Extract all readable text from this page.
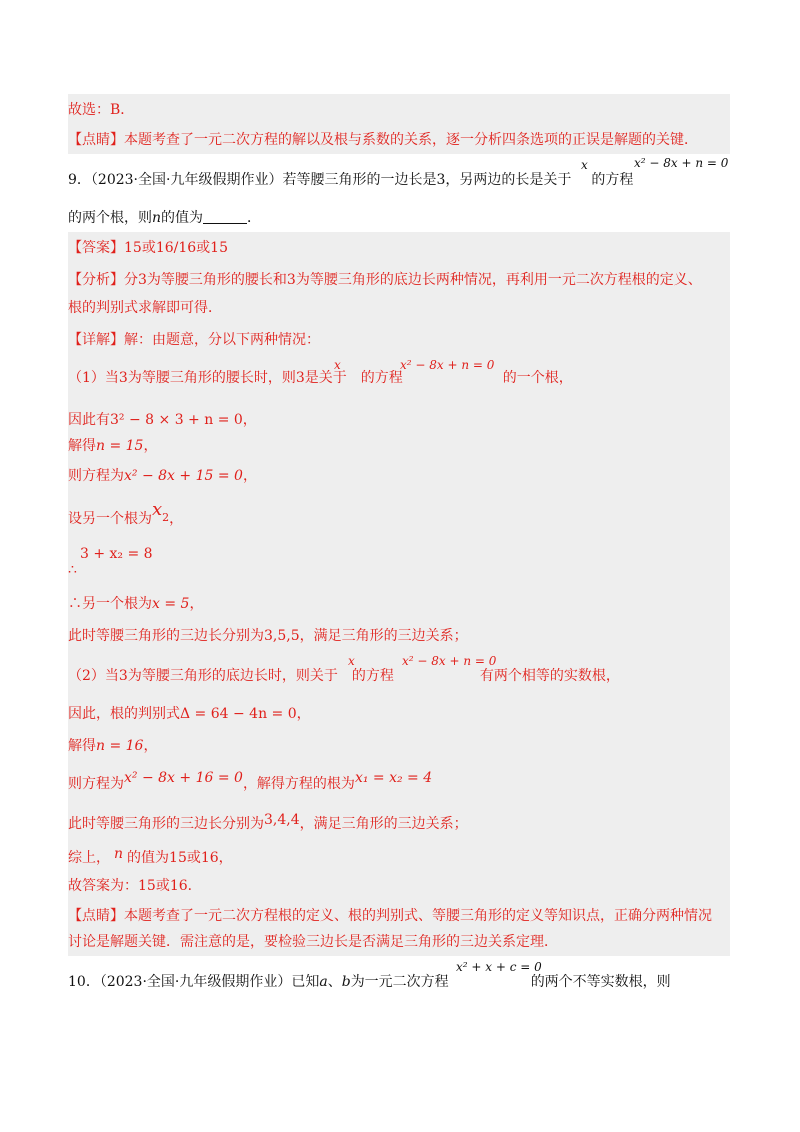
故选：B．
【点睛】本题考查了一元二次方程的解以及根与系数的关系，逐一分析四条选项的正误是解题的关键．
9．（2023·全国·九年级假期作业）若等腰三角形的一边长是3，另两边的长是关于 的方程
x	x² − 8x + n = 0
的两个根，则n的值为	．
【答案】15或16/16或15
【分析】分3为等腰三角形的腰长和3为等腰三角形的底边长两种情况，再利用一元二次方程根的定义、
根的判别式求解即可得．
【详解】解：由题意，分以下两种情况：
（1）当3为等腰三角形的腰长时，则3是关于 的方程	的一个根，
x	x² − 8x + n = 0
因此有3² − 8 × 3 + n = 0，
解得n = 15，
则方程为x² − 8x + 15 = 0，
设另一个根为x2，
3 + x₂ = 8
∴
∴另一个根为x = 5，
此时等腰三角形的三边长分别为3,5,5，满足三角形的三边关系；
（2）当3为等腰三角形的底边长时，则关于 的方程	有两个相等的实数根，
x	x² − 8x + n = 0
因此，根的判别式Δ = 64 − 4n = 0，
解得n = 16，
则方程为x² − 8x + 16 = 0，解得方程的根为x₁ = x₂ = 4
此时等腰三角形的三边长分别为3,4,4，满足三角形的三边关系；
综上， n 的值为15或16，
故答案为：15或16．
【点睛】本题考查了一元二次方程根的定义、根的判别式、等腰三角形的定义等知识点，正确分两种情况
讨论是解题关键．需注意的是，要检验三边长是否满足三角形的三边关系定理．
10．（2023·全国·九年级假期作业）已知a、b为一元二次方程	的两个不等实数根，则
x² + x + c = 0
